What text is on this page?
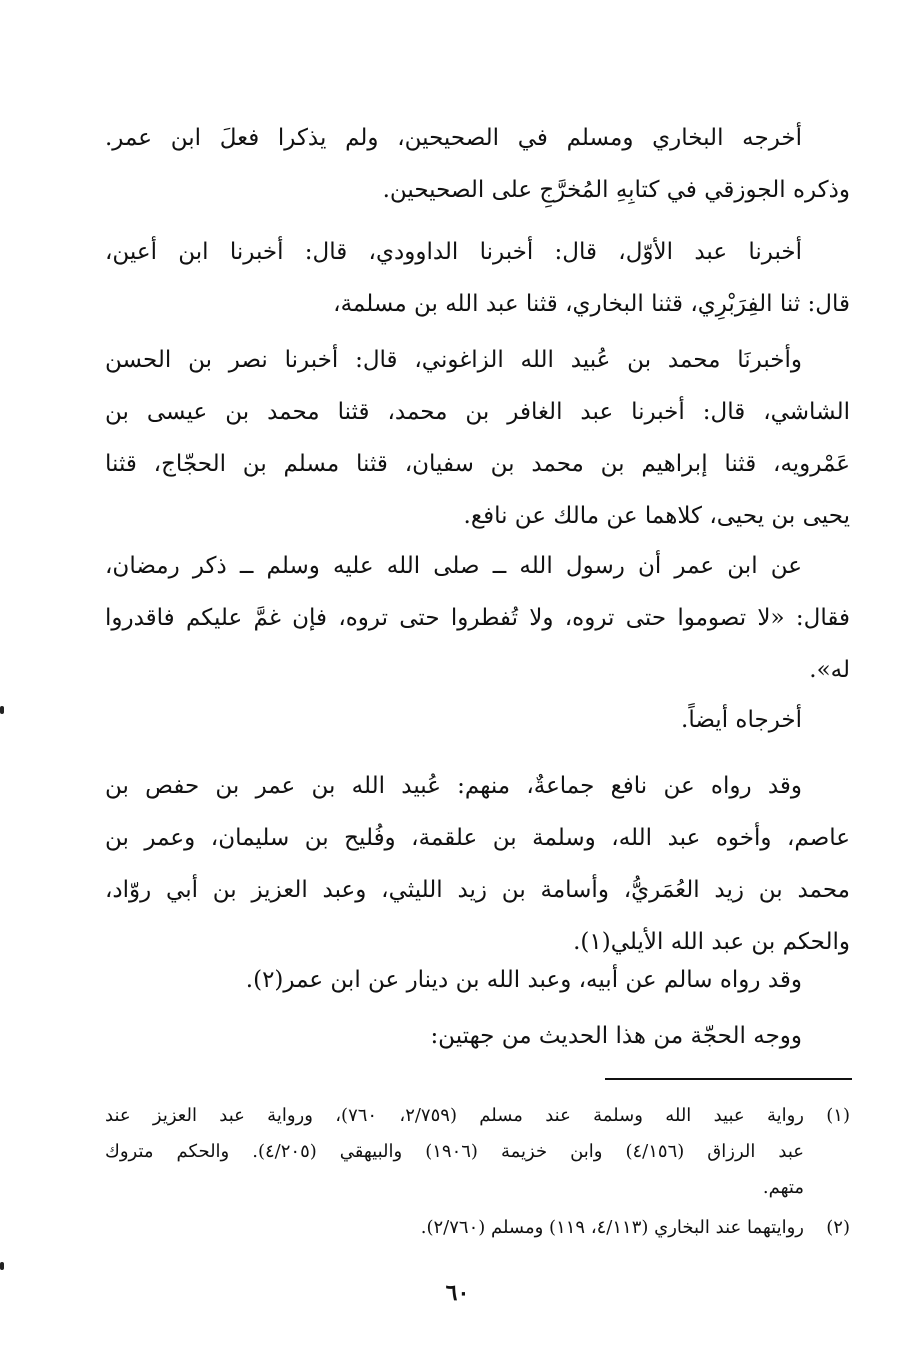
أخرجه البخاري ومسلم في الصحيحين، ولم يذكرا فعلَ ابن عمر.
وذكره الجوزقي في كتابِهِ المُخرَّجِ على الصحيحين.
أخبرنا عبد الأوّل، قال: أخبرنا الداوودي، قال: أخبرنا ابن أعين،
قال: ثنا الفِرَبْرِي، قثنا البخاري، قثنا عبد الله بن مسلمة،
وأخبرنَا محمد بن عُبيد الله الزاغوني، قال: أخبرنا نصر بن الحسن
الشاشي، قال: أخبرنا عبد الغافر بن محمد، قثنا محمد بن عيسى بن
عَمْرويه، قثنا إبراهيم بن محمد بن سفيان، قثنا مسلم بن الحجّاج، قثنا
يحيى بن يحيى، كلاهما عن مالك عن نافع.
عن ابن عمر أن رسول الله ــ صلى الله عليه وسلم ــ ذكر رمضان،
فقال: «لا تصوموا حتى تروه، ولا تُفطروا حتى تروه، فإن غمَّ عليكم فاقدروا
له».
أخرجاه أيضاً.
وقد رواه عن نافع جماعةٌ، منهم: عُبيد الله بن عمر بن حفص بن
عاصم، وأخوه عبد الله، وسلمة بن علقمة، وفُليح بن سليمان، وعمر بن
محمد بن زيد العُمَريُّ، وأسامة بن زيد الليثي، وعبد العزيز بن أبي روّاد،
والحكم بن عبد الله الأيلي(١).
وقد رواه سالم عن أبيه، وعبد الله بن دينار عن ابن عمر(٢).
ووجه الحجّة من هذا الحديث من جهتين:
(١)
رواية عبيد الله وسلمة عند مسلم (٢/٧٥٩، ٧٦٠)، ورواية عبد العزيز عند
عبد الرزاق (٤/١٥٦) وابن خزيمة (١٩٠٦) والبيهقي (٤/٢٠٥). والحكم متروك
متهم.
(٢)
روايتهما عند البخاري (٤/١١٣، ١١٩) ومسلم (٢/٧٦٠).
٦٠
